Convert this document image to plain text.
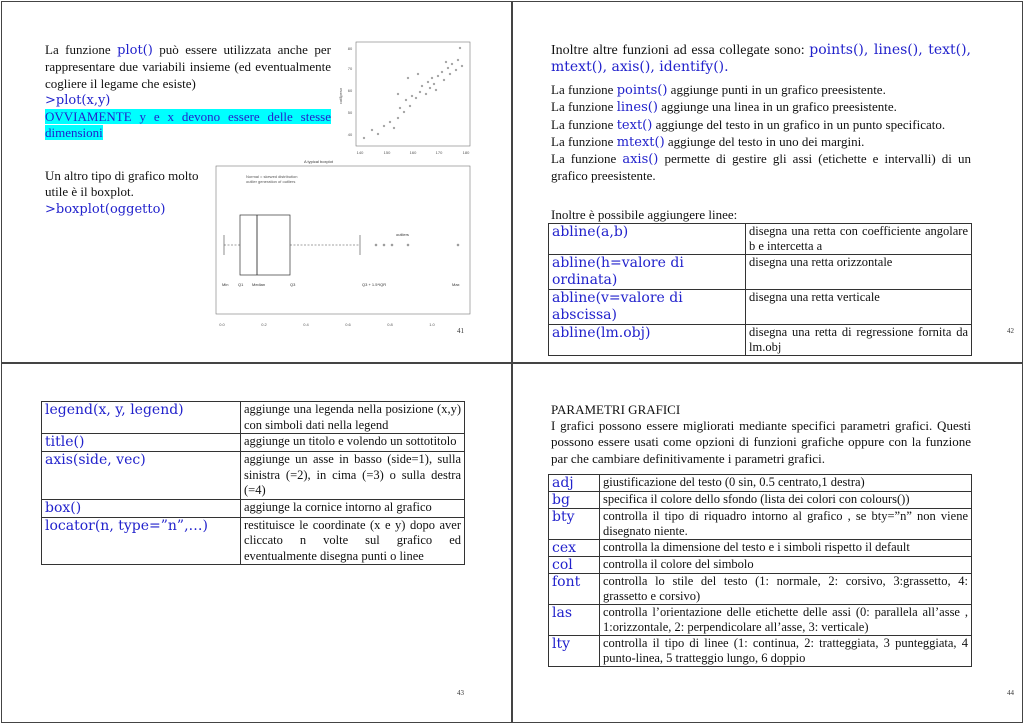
La funzione plot() può essere utilizzata anche per rappresentare due variabili insieme (ed eventualmente cogliere il legame che esiste)
>plot(x,y)
OVVIAMENTE y e x devono essere delle stesse dimensioni
Un altro tipo di grafico molto utile è il boxplot.
>boxplot(oggetto)
cat$peso
140	150	160	170	180
40
50
60
70
80
A typical boxplot
Normal = skewed distribution
outlier generation of outliers
outliers
Min Q1 Median	Q3	Q3 + 1.5*IQR	Max
0.0	0.2	0.4	0.6	0.8	1.0
41
Inoltre altre funzioni ad essa collegate sono: points(), lines(), text(), mtext(), axis(), identify().
La funzione points() aggiunge punti in un grafico preesistente.
La funzione lines() aggiunge una linea in un grafico preesistente.
La funzione text() aggiunge del testo in un grafico in un punto specificato.
La funzione mtext() aggiunge del testo in uno dei margini.
La funzione axis() permette di gestire gli assi (etichette e intervalli) di un grafico preesistente.
Inoltre è possibile aggiungere linee:
abline(a,b)	disegna una retta con coefficiente angolare b e intercetta a
abline(h=valore di ordinata)	disegna una retta orizzontale
abline(v=valore di abscissa)	disegna una retta verticale
abline(lm.obj)	disegna una retta di regressione fornita da lm.obj
42
legend(x, y, legend)	aggiunge una legenda nella posizione (x,y) con simboli dati nella legend
title()	aggiunge un titolo e volendo un sottotitolo
axis(side, vec)	aggiunge un asse in basso (side=1), sulla sinistra (=2), in cima (=3) o sulla destra (=4)
box()	aggiunge la cornice intorno al grafico
locator(n, type=”n”,…)	restituisce le coordinate (x e y) dopo aver cliccato n volte sul grafico ed eventualmente disegna punti o linee
43
PARAMETRI GRAFICI
I grafici possono essere migliorati mediante specifici parametri grafici. Questi possono essere usati come opzioni di funzioni grafiche oppure con la funzione par che cambiare definitivamente i parametri grafici.
adj	giustificazione del testo (0 sin, 0.5 centrato,1 destra)
bg	specifica il colore dello sfondo (lista dei colori con colours())
bty	controlla il tipo di riquadro intorno al grafico , se bty=”n” non viene disegnato niente.
cex	controlla la dimensione del testo e i simboli rispetto il default
col	controlla il colore del simbolo
font	controlla lo stile del testo (1: normale, 2: corsivo, 3:grassetto, 4: grassetto e corsivo)
las	controlla l’orientazione delle etichette delle assi (0: parallela all’asse , 1:orizzontale, 2: perpendicolare all’asse, 3: verticale)
lty	controlla il tipo di linee (1: continua, 2: tratteggiata, 3 punteggiata, 4 punto-linea, 5 tratteggio lungo, 6 doppio
44
